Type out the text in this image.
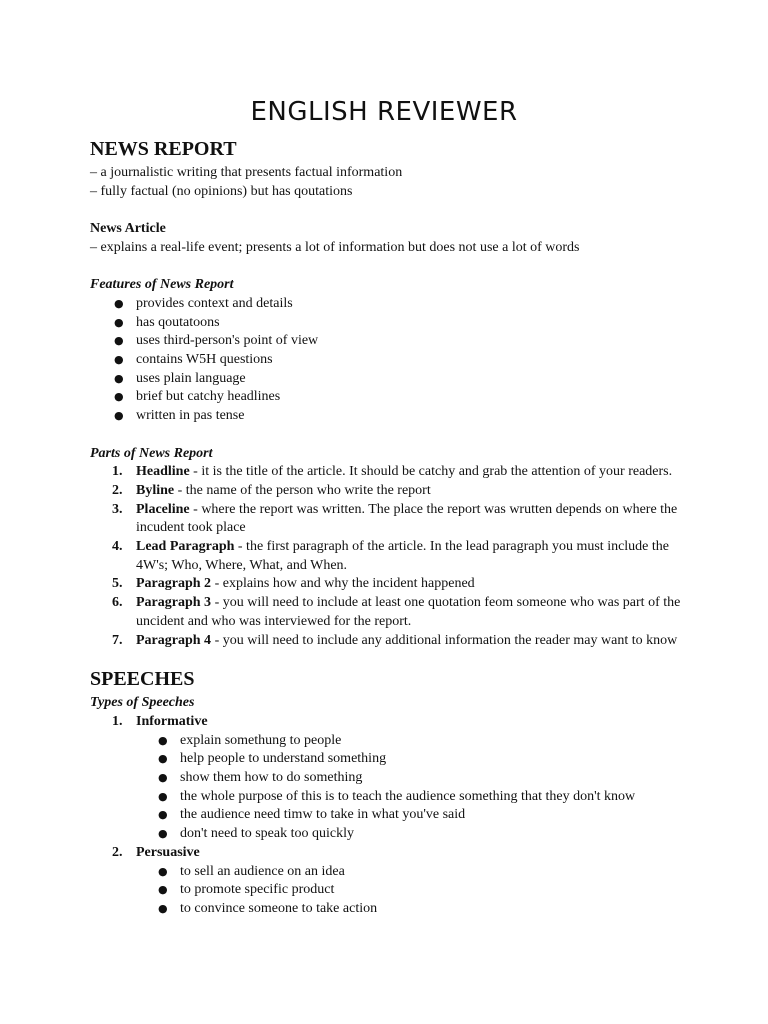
ENGLISH REVIEWER
NEWS REPORT

– a journalistic writing that presents factual information

– fully factual (no opinions) but has qoutations

News Article

– explains a real-life event; presents a lot of information but does not use a lot of words

Features of News Report

● provides context and details
● has qoutatoons
● uses third-person's point of view
● contains W5H questions
● uses plain language
● brief but catchy headlines
● written in pas tense

Parts of News Report

1. Headline - it is the title of the article. It should be catchy and grab the attention of your readers.
2. Byline - the name of the person who write the report
3. Placeline - where the report was written. The place the report was wrutten depends on where the incudent took place
4. Lead Paragraph - the first paragraph of the article. In the lead paragraph you must include the 4W's; Who, Where, What, and When.
5. Paragraph 2 - explains how and why the incident happened
6. Paragraph 3 - you will need to include at least one quotation feom someone who was part of the uncident and who was interviewed for the report.
7. Paragraph 4 - you will need to include any additional information the reader may want to know
SPEECHES

Types of Speeches

1. Informative
● explain somethung to people
● help people to understand something
● show them how to do something
● the whole purpose of this is to teach the audience something that they don't know
● the audience need timw to take in what you've said
● don't need to speak too quickly
2. Persuasive
● to sell an audience on an idea
● to promote specific product
● to convince someone to take action
